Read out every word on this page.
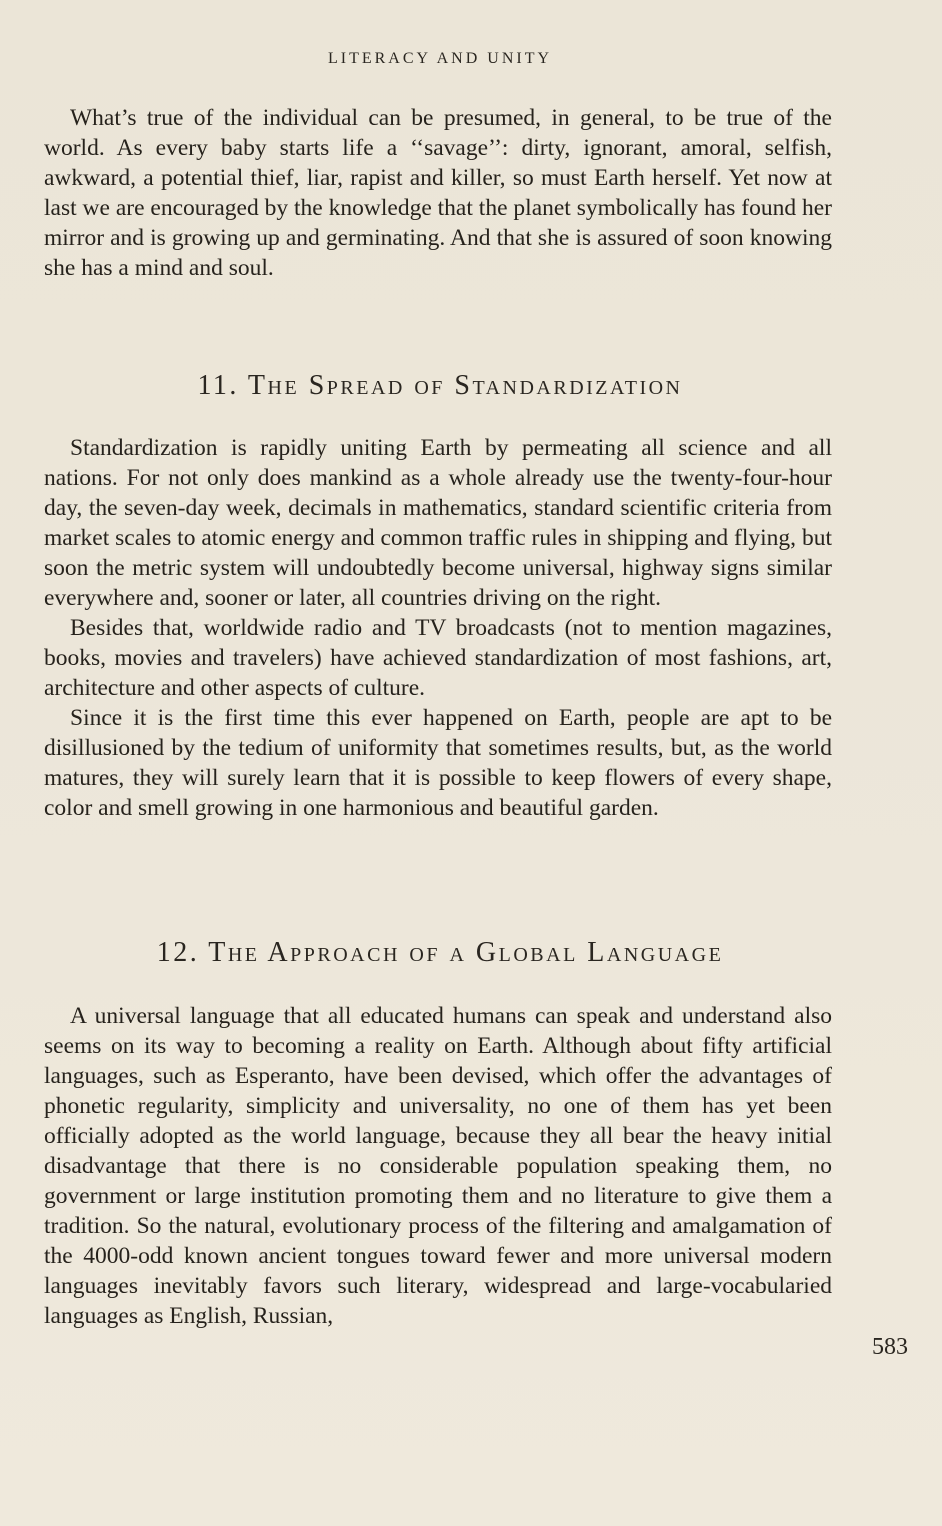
LITERACY AND UNITY

What’s true of the individual can be presumed, in general, to be true of the world. As every baby starts life a ‘‘savage’’: dirty, ignorant, amoral, selfish, awkward, a potential thief, liar, rapist and killer, so must Earth herself. Yet now at last we are encouraged by the knowledge that the planet symbolically has found her mirror and is growing up and germinating. And that she is assured of soon knowing she has a mind and soul.

11. The Spread of Standardization

Standardization is rapidly uniting Earth by permeating all science and all nations. For not only does mankind as a whole already use the twenty-four-hour day, the seven-day week, decimals in mathematics, standard scientific criteria from market scales to atomic energy and common traffic rules in shipping and flying, but soon the metric system will undoubtedly become universal, highway signs similar everywhere and, sooner or later, all countries driving on the right.

Besides that, worldwide radio and TV broadcasts (not to mention magazines, books, movies and travelers) have achieved standardization of most fashions, art, architecture and other aspects of culture.

Since it is the first time this ever happened on Earth, people are apt to be disillusioned by the tedium of uniformity that sometimes results, but, as the world matures, they will surely learn that it is possible to keep flowers of every shape, color and smell growing in one harmonious and beautiful garden.

12. The Approach of a Global Language

A universal language that all educated humans can speak and understand also seems on its way to becoming a reality on Earth. Although about fifty artificial languages, such as Esperanto, have been devised, which offer the advantages of phonetic regularity, simplicity and universality, no one of them has yet been officially adopted as the world language, because they all bear the heavy initial disadvantage that there is no considerable population speaking them, no government or large institution promoting them and no literature to give them a tradition. So the natural, evolutionary process of the filtering and amalgamation of the 4000-odd known ancient tongues toward fewer and more universal modern languages inevitably favors such literary, widespread and large-vocabularied languages as English, Russian,

583
